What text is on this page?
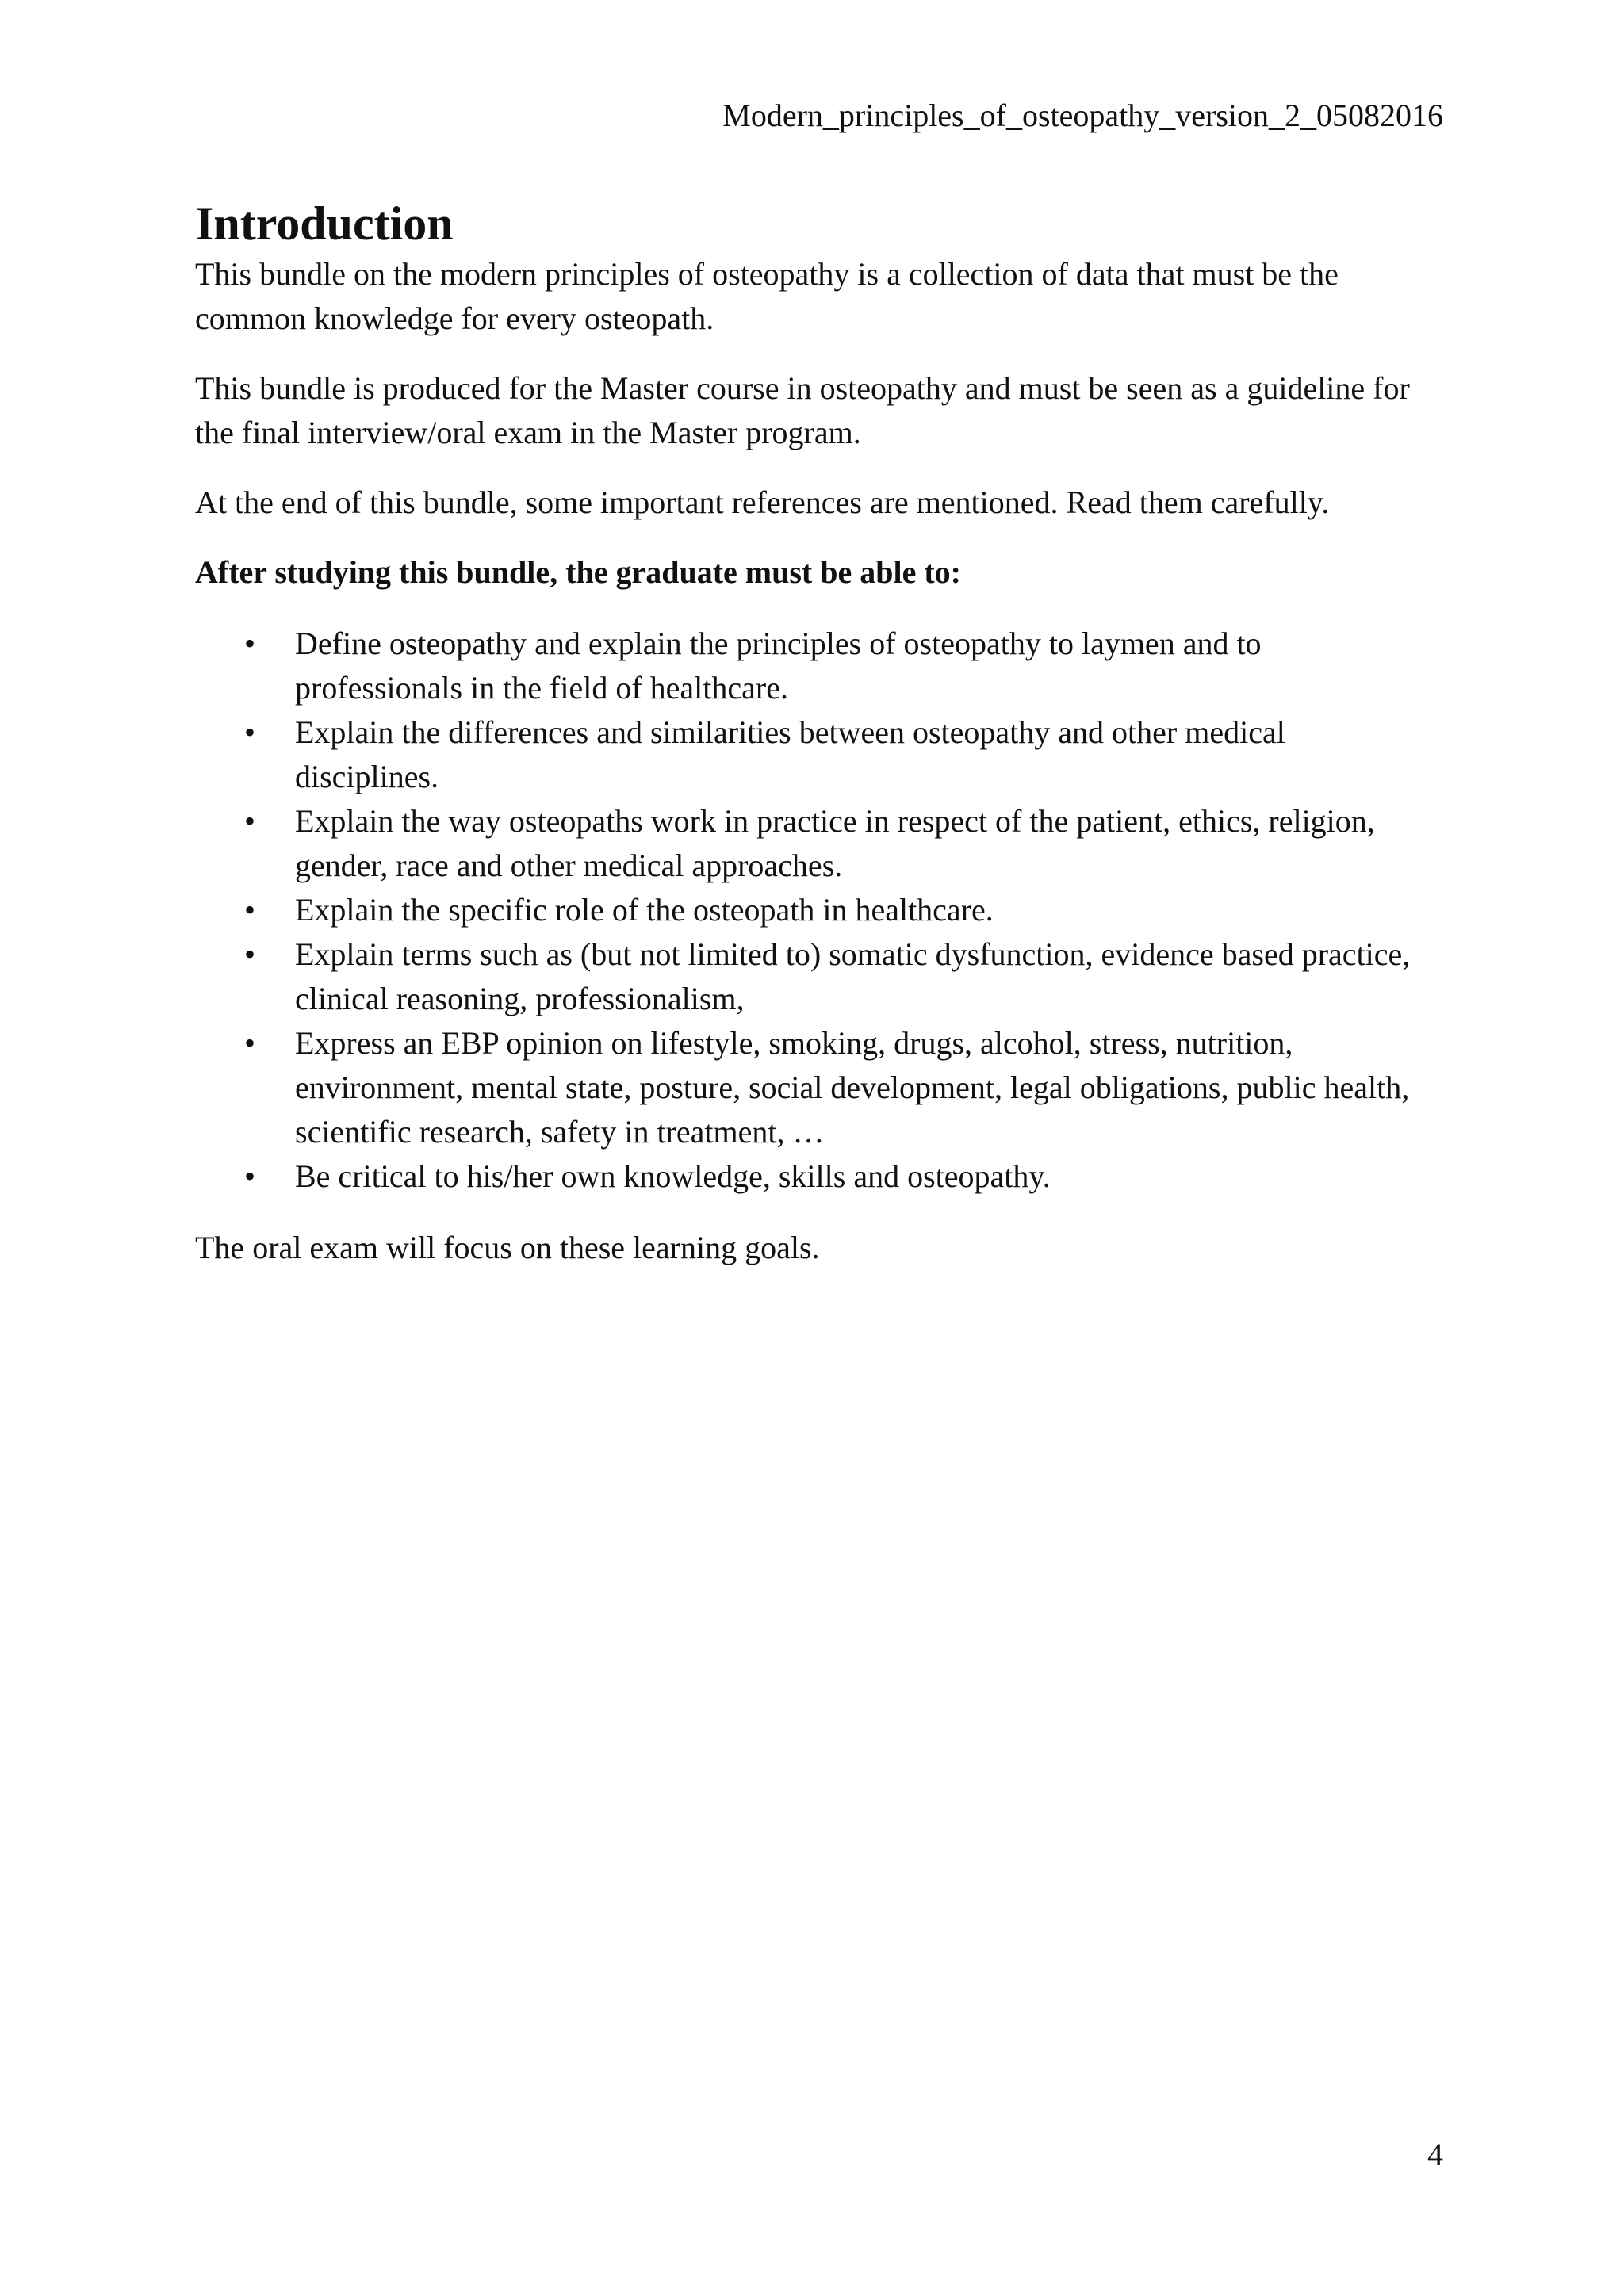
Modern_principles_of_osteopathy_version_2_05082016
Introduction

This bundle on the modern principles of osteopathy is a collection of data that must be the common knowledge for every osteopath.

This bundle is produced for the Master course in osteopathy and must be seen as a guideline for the final interview/oral exam in the Master program.

At the end of this bundle, some important references are mentioned. Read them carefully.

After studying this bundle, the graduate must be able to:

• Define osteopathy and explain the principles of osteopathy to laymen and to professionals in the field of healthcare.
• Explain the differences and similarities between osteopathy and other medical disciplines.
• Explain the way osteopaths work in practice in respect of the patient, ethics, religion, gender, race and other medical approaches.
• Explain the specific role of the osteopath in healthcare.
• Explain terms such as (but not limited to) somatic dysfunction, evidence based practice, clinical reasoning, professionalism,
• Express an EBP opinion on lifestyle, smoking, drugs, alcohol, stress, nutrition, environment, mental state, posture, social development, legal obligations, public health, scientific research, safety in treatment, …
• Be critical to his/her own knowledge, skills and osteopathy.

The oral exam will focus on these learning goals.

4
